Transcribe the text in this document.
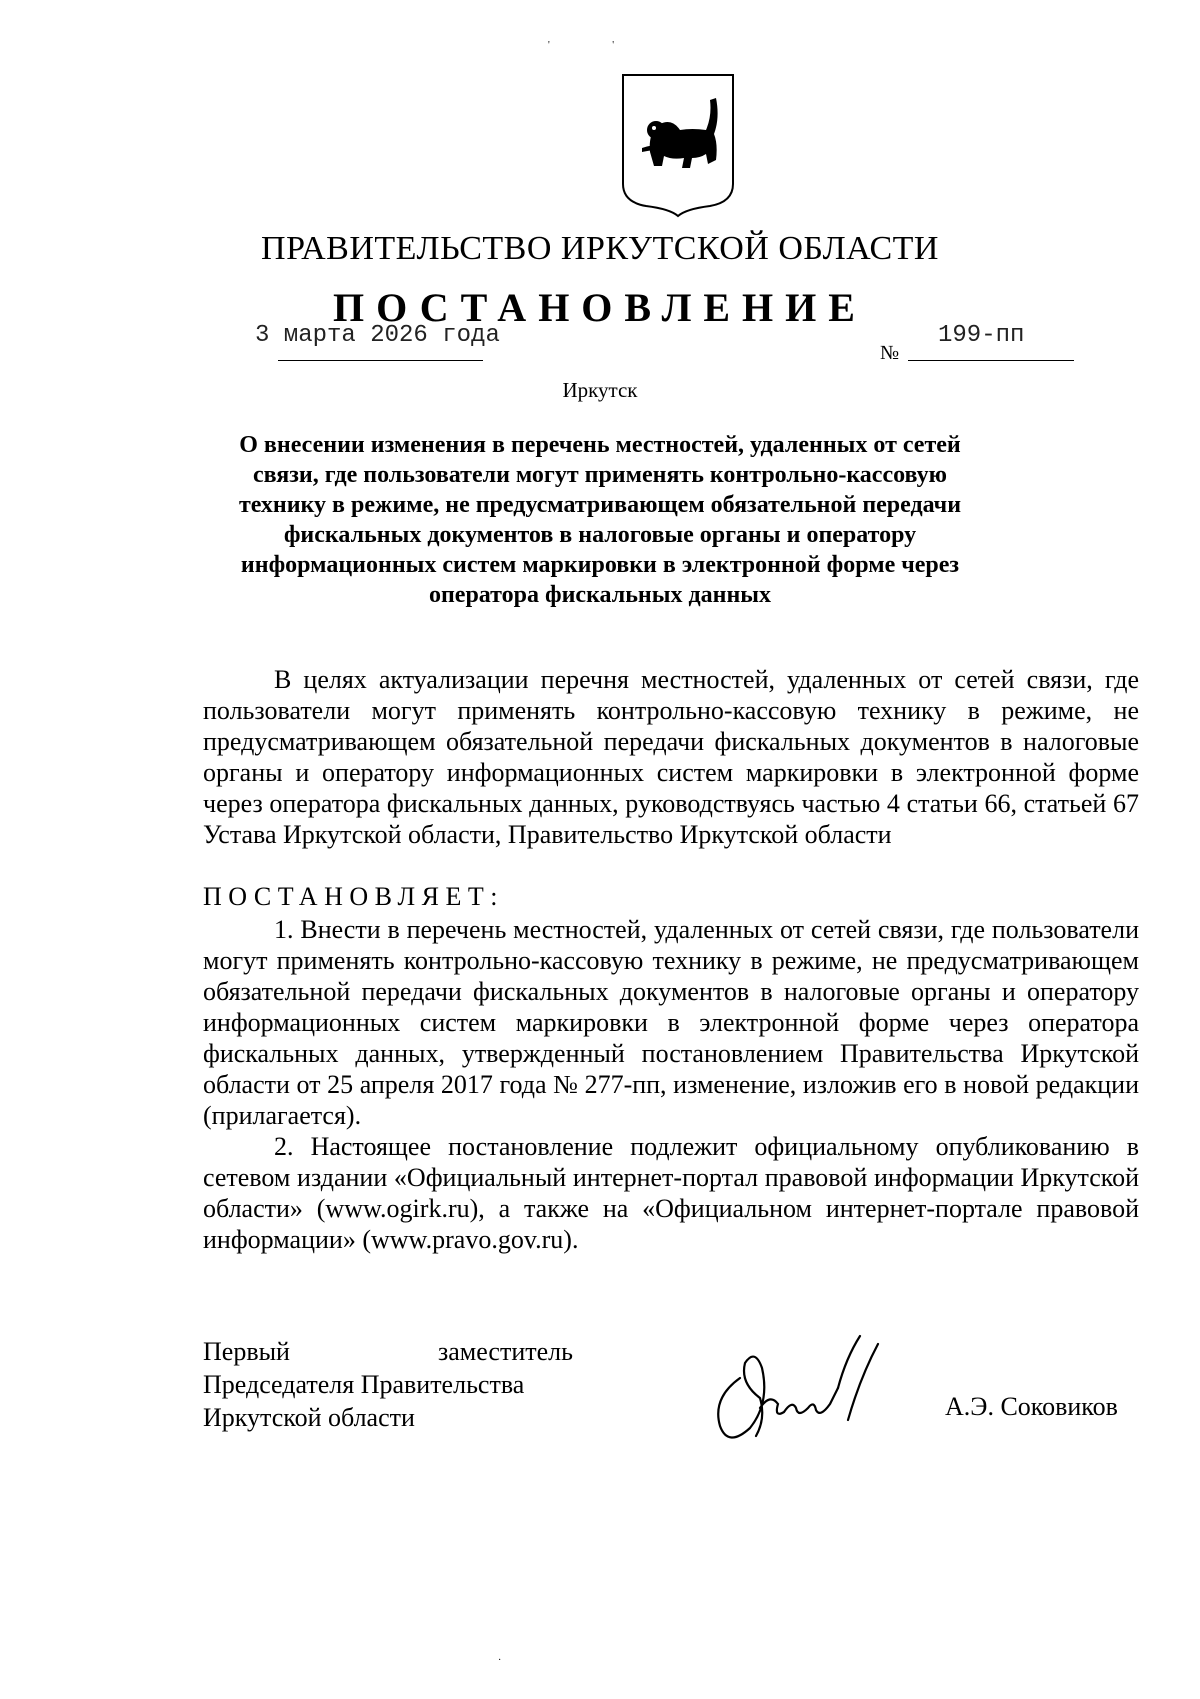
' '
ПРАВИТЕЛЬСТВО ИРКУТСКОЙ ОБЛАСТИ
ПОСТАНОВЛЕНИЕ
3 марта 2026 года
№
199-пп
Иркутск
О внесении изменения в перечень местностей, удаленных от сетей связи, где пользователи могут применять контрольно-кассовую технику в режиме, не предусматривающем обязательной передачи фискальных документов в налоговые органы и оператору информационных систем маркировки в электронной форме через оператора фискальных данных

В целях актуализации перечня местностей, удаленных от сетей связи, где пользователи могут применять контрольно-кассовую технику в режиме, не предусматривающем обязательной передачи фискальных документов в налоговые органы и оператору информационных систем маркировки в электронной форме через оператора фискальных данных, руководствуясь частью 4 статьи 66, статьей 67 Устава Иркутской области, Правительство Иркутской области

ПОСТАНОВЛЯЕТ:

1. Внести в перечень местностей, удаленных от сетей связи, где пользователи могут применять контрольно-кассовую технику в режиме, не предусматривающем обязательной передачи фискальных документов в налоговые органы и оператору информационных систем маркировки в электронной форме через оператора фискальных данных, утвержденный постановлением Правительства Иркутской области от 25 апреля 2017 года № 277-пп, изменение, изложив его в новой редакции (прилагается).

2. Настоящее постановление подлежит официальному опубликованию в сетевом издании «Официальный интернет-портал правовой информации Иркутской области» (www.ogirk.ru), а также на «Официальном интернет-портале правовой информации» (www.pravo.gov.ru).

Первый	заместитель
Председателя Правительства
Иркутской области	А.Э. Соковиков
·
